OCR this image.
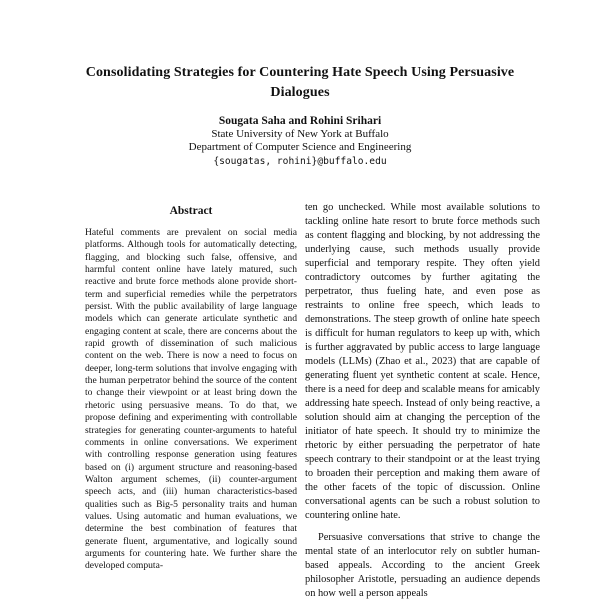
Consolidating Strategies for Countering Hate Speech Using Persuasive Dialogues
Sougata Saha and Rohini Srihari
State University of New York at Buffalo
Department of Computer Science and Engineering
{sougatas, rohini}@buffalo.edu
Abstract
Hateful comments are prevalent on social media platforms. Although tools for automatically detecting, flagging, and blocking such false, offensive, and harmful content online have lately matured, such reactive and brute force methods alone provide short-term and superficial remedies while the perpetrators persist. With the public availability of large language models which can generate articulate synthetic and engaging content at scale, there are concerns about the rapid growth of dissemination of such malicious content on the web. There is now a need to focus on deeper, long-term solutions that involve engaging with the human perpetrator behind the source of the content to change their viewpoint or at least bring down the rhetoric using persuasive means. To do that, we propose defining and experimenting with controllable strategies for generating counter-arguments to hateful comments in online conversations. We experiment with controlling response generation using features based on (i) argument structure and reasoning-based Walton argument schemes, (ii) counter-argument speech acts, and (iii) human characteristics-based qualities such as Big-5 personality traits and human values. Using automatic and human evaluations, we determine the best combination of features that generate fluent, argumentative, and logically sound arguments for countering hate. We further share the developed computa-

ten go unchecked. While most available solutions to tackling online hate resort to brute force methods such as content flagging and blocking, by not addressing the underlying cause, such methods usually provide superficial and temporary respite. They often yield contradictory outcomes by further agitating the perpetrator, thus fueling hate, and even pose as restraints to online free speech, which leads to demonstrations. The steep growth of online hate speech is difficult for human regulators to keep up with, which is further aggravated by public access to large language models (LLMs) (Zhao et al., 2023) that are capable of generating fluent yet synthetic content at scale. Hence, there is a need for deep and scalable means for amicably addressing hate speech. Instead of only being reactive, a solution should aim at changing the perception of the initiator of hate speech. It should try to minimize the rhetoric by either persuading the perpetrator of hate speech contrary to their standpoint or at the least trying to broaden their perception and making them aware of the other facets of the topic of discussion. Online conversational agents can be such a robust solution to countering online hate.

Persuasive conversations that strive to change the mental state of an interlocutor rely on subtler human-based appeals. According to the ancient Greek philosopher Aristotle, persuading an audience depends on how well a person appeals
